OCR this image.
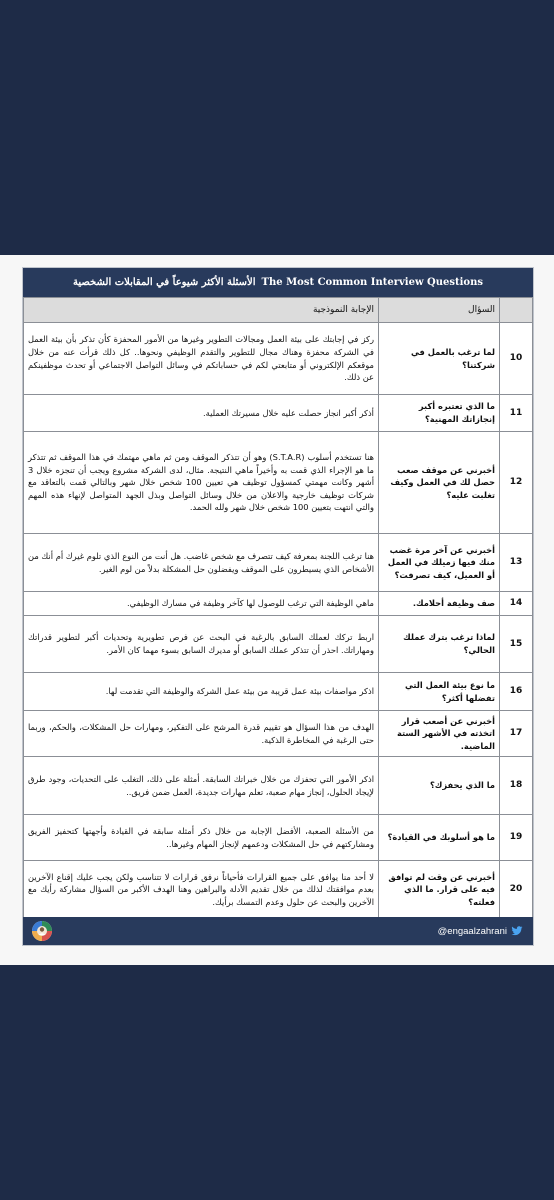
الأسئلة الأكثر شيوعاً في المقابلات الشخصية The Most Common Interview Questions
	السؤال	الإجابة النموذجية
10	لما ترغب بالعمل في شركتنا؟	ركز في إجابتك على بيئة العمل ومجالات التطوير وغيرها من الأمور المحفزة كأن تذكر بأن بيئة العمل في الشركة محفزة وهناك مجال للتطوير والتقدم الوظيفي ونحوها.. كل ذلك قرأت عنه من خلال موقعكم الإلكتروني أو متابعتي لكم في حساباتكم في وسائل التواصل الاجتماعي أو تحدث موظفينكم عن ذلك.
11	ما الذي تعتبره أكبر إنجازاتك المهنية؟	أذكر أكبر انجاز حصلت عليه خلال مسيرتك العملية.
12	أخبرني عن موقف صعب حصل لك في العمل وكيف تغلبت عليه؟	هنا تستخدم أسلوب (S.T.A.R) وهو أن تتذكر الموقف ومن ثم ماهي مهتمك في هذا الموقف ثم تتذكر ما هو الإجراء الذي قمت به وأخيراً ماهي النتيجة. مثال، لدى الشركة مشروع ويجب أن تنجزه خلال 3 أشهر وكانت مهمتي كمسؤول توظيف هي تعيين 100 شخص خلال شهر وبالتالي قمت بالتعاقد مع شركات توظيف خارجية والاعلان من خلال وسائل التواصل وبذل الجهد المتواصل لإنهاء هذه المهم والتي انتهت بتعيين 100 شخص خلال شهر ولله الحمد.
13	أخبرني عن آخر مرة غضب منك فيها زميلك في العمل أو العميل، كيف تصرفت؟	هنا ترغب اللجنة بمعرفة كيف تتصرف مع شخص غاضب. هل أنت من النوع الذي تلوم غيرك أم أنك من الأشخاص الذي يسيطرون على الموقف ويفضلون حل المشكلة بدلاً من لوم الغير.
14	صف وظيفة أحلامك.	ماهي الوظيفة التي ترغب للوصول لها كآخر وظيفة في مسارك الوظيفي.
15	لماذا ترغب بترك عملك الحالي؟	اربط تركك لعملك السابق بالرغبة في البحث عن فرص تطويرية وتحديات أكبر لتطوير قدراتك ومهاراتك. احذر أن تتذكر عملك السابق أو مديرك السابق بسوء مهما كان الأمر.
16	ما نوع بيئة العمل التي تفضلها أكثر؟	اذكر مواصفات بيئة عمل قريبة من بيئة عمل الشركة والوظيفة التي تقدمت لها.
17	أخبرني عن أصعب قرار اتخذته في الأشهر الستة الماضية.	الهدف من هذا السؤال هو تقييم قدرة المرشح على التفكير، ومهارات حل المشكلات، والحكم، وربما حتى الرغبة في المخاطرة الذكية.
18	ما الذي يحفزك؟	اذكر الأمور التي تحفزك من خلال خبراتك السابقة. أمثلة على ذلك، التغلب على التحديات، وجود طرق لإيجاد الحلول، إنجاز مهام صعبة، تعلم مهارات جديدة، العمل ضمن فريق..
19	ما هو أسلوبك في القيادة؟	من الأسئلة الصعبة، الأفضل الإجابة من خلال ذكر أمثلة سابقة في القيادة وأجهتها كتحفيز الفريق ومشاركتهم في حل المشكلات ودعمهم لإنجاز المهام وغيرها..
20	أخبرني عن وقت لم توافق فيه على قرار. ما الذي فعلته؟	لا أحد منا يوافق على جميع القرارات فأحياناً نرفق قرارات لا تتناسب ولكن يجب عليك إقناع الآخرين بعدم موافقتك لذلك من خلال تقديم الأدلة والبراهين وهنا الهدف الأكبر من السؤال مشاركة رأيك مع الآخرين والبحث عن حلول وعدم التمسك برأيك.
@engaalzahrani
